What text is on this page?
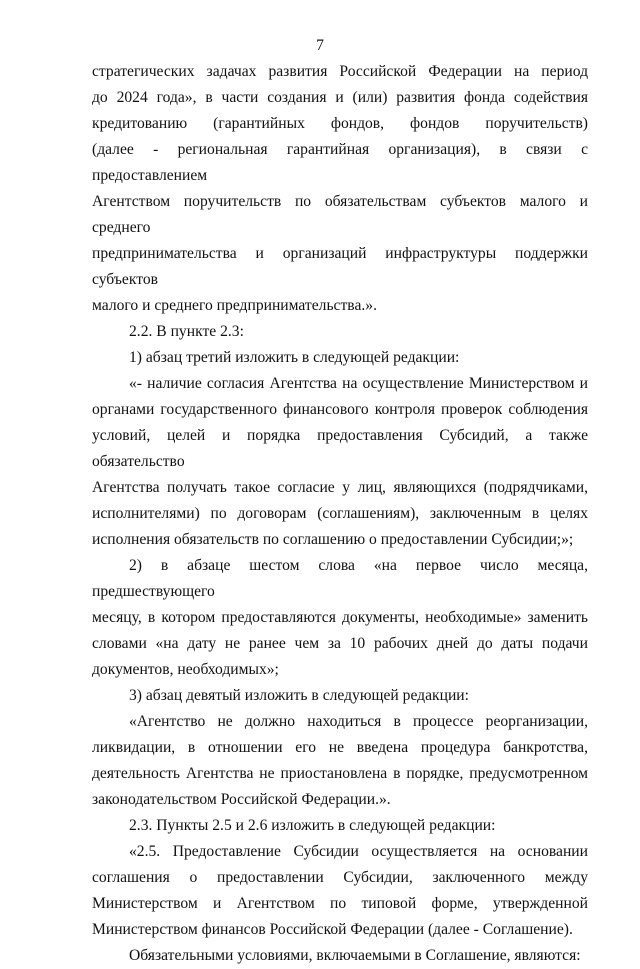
7

стратегических задачах развития Российской Федерации на период
до 2024 года», в части создания и (или) развития фонда содействия
кредитованию (гарантийных фондов, фондов поручительств)
(далее - региональная гарантийная организация), в связи с предоставлением
Агентством поручительств по обязательствам субъектов малого и среднего
предпринимательства и организаций инфраструктуры поддержки субъектов
малого и среднего предпринимательства.».

2.2. В пункте 2.3:

1) абзац третий изложить в следующей редакции:

«- наличие согласия Агентства на осуществление Министерством и
органами государственного финансового контроля проверок соблюдения
условий, целей и порядка предоставления Субсидий, а также обязательство
Агентства получать такое согласие у лиц, являющихся (подрядчиками,
исполнителями) по договорам (соглашениям), заключенным в целях
исполнения обязательств по соглашению о предоставлении Субсидии;»;

2) в абзаце шестом слова «на первое число месяца, предшествующего
месяцу, в котором предоставляются документы, необходимые» заменить
словами «на дату не ранее чем за 10 рабочих дней до даты подачи
документов, необходимых»;

3) абзац девятый изложить в следующей редакции:

«Агентство не должно находиться в процессе реорганизации,
ликвидации, в отношении его не введена процедура банкротства,
деятельность Агентства не приостановлена в порядке, предусмотренном
законодательством Российской Федерации.».

2.3. Пункты 2.5 и 2.6 изложить в следующей редакции:

«2.5. Предоставление Субсидии осуществляется на основании
соглашения о предоставлении Субсидии, заключенного между
Министерством и Агентством по типовой форме, утвержденной
Министерством финансов Российской Федерации (далее - Соглашение).

Обязательными условиями, включаемыми в Соглашение, являются:
